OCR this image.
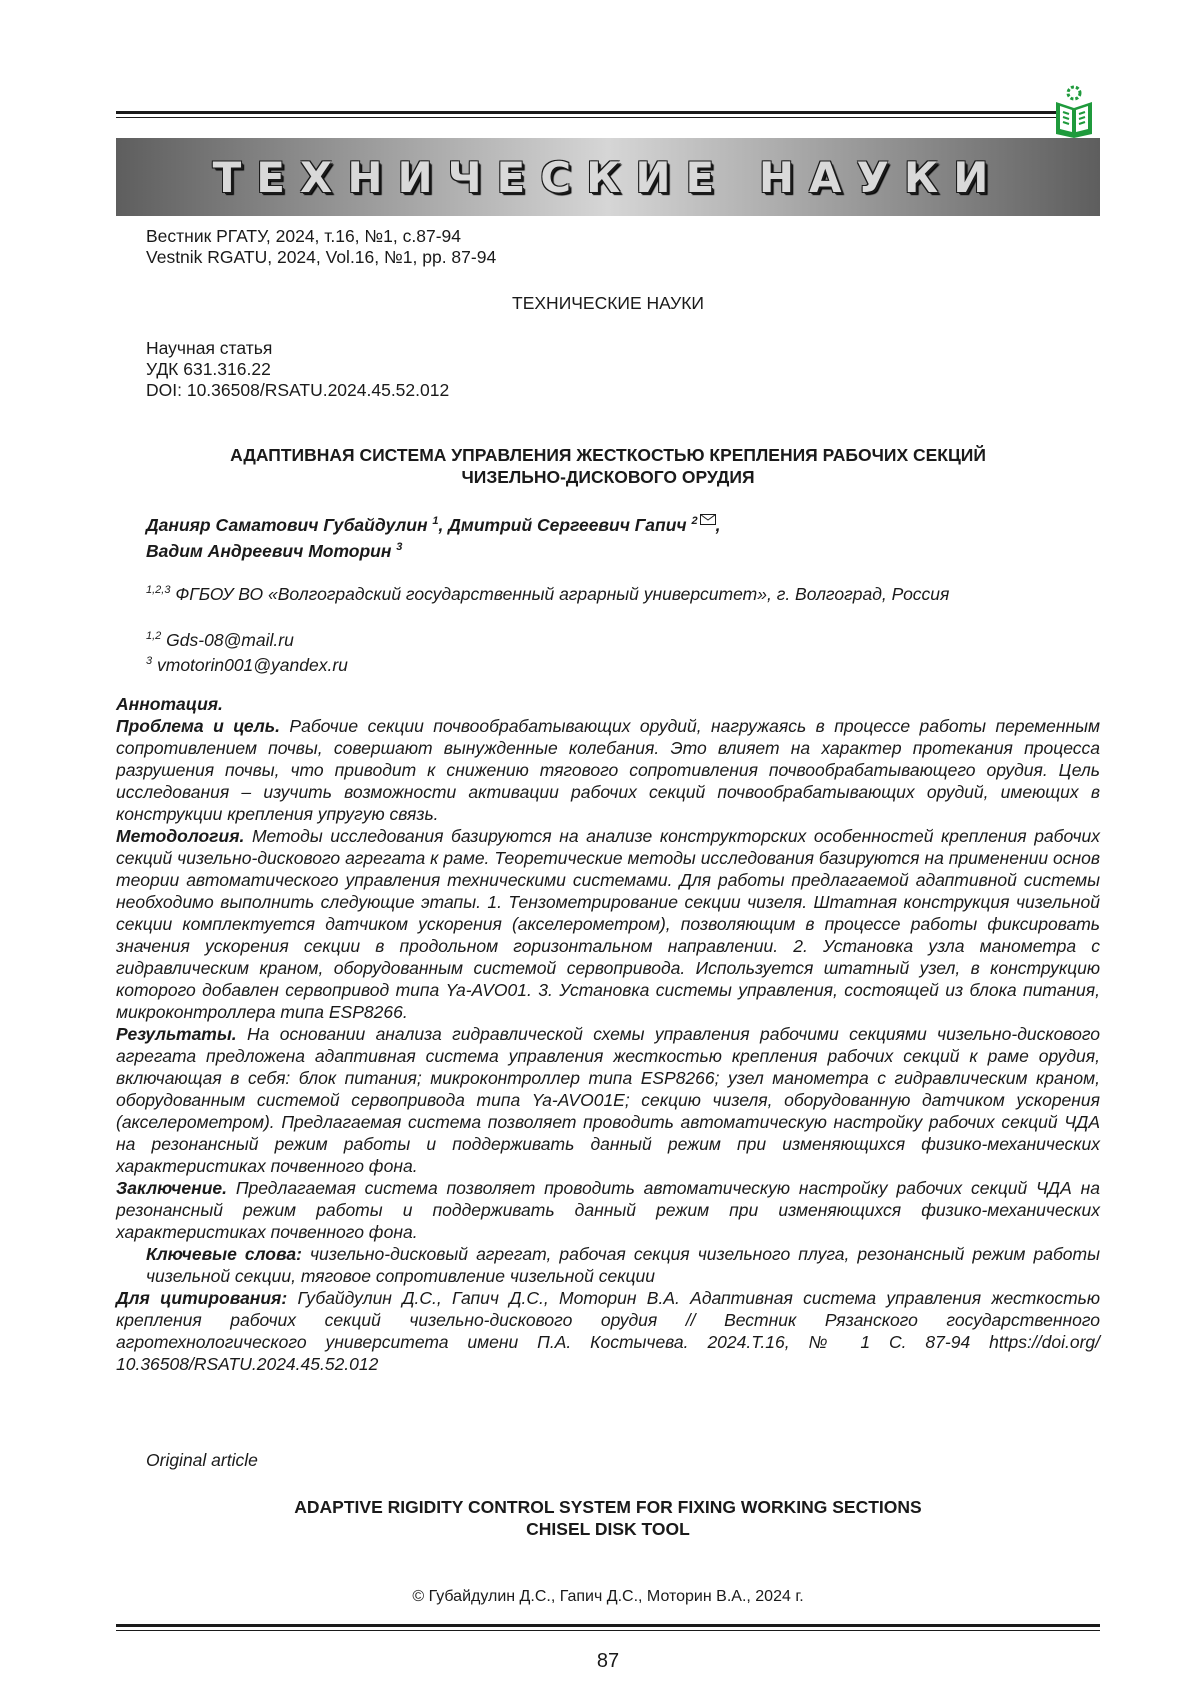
ТЕХНИЧЕСКИЕ НАУКИ
Вестник РГАТУ, 2024, т.16, №1, с.87-94
Vestnik RGATU, 2024, Vol.16, №1, pp. 87-94
ТЕХНИЧЕСКИЕ НАУКИ
Научная статья
УДК 631.316.22
DOI: 10.36508/RSATU.2024.45.52.012
АДАПТИВНАЯ СИСТЕМА УПРАВЛЕНИЯ ЖЕСТКОСТЬЮ КРЕПЛЕНИЯ РАБОЧИХ СЕКЦИЙ
ЧИЗЕЛЬНО-ДИСКОВОГО ОРУДИЯ
Данияр Саматович Губайдулин $^1$, Дмитрий Сергеевич Гапич $^2$ ,
Вадим Андреевич Моторин $^3$
$^{1,2,3}$ ФГБОУ ВО «Волгоградский государственный аграрный университет», г. Волгоград, Россия
$^{1,2}$ Gds-08@mail.ru
$^3$ vmotorin001@yandex.ru

Аннотация.

Проблема и цель. Рабочие секции почвообрабатывающих орудий, нагружаясь в процессе работы переменным сопротивлением почвы, совершают вынужденные колебания. Это влияет на характер протекания процесса разрушения почвы, что приводит к снижению тягового сопротивления почвообрабатывающего орудия. Цель исследования – изучить возможности активации рабочих секций почвообрабатывающих орудий, имеющих в конструкции крепления упругую связь.

Методология. Методы исследования базируются на анализе конструкторских особенностей крепления рабочих секций чизельно-дискового агрегата к раме. Теоретические методы исследования базируются на применении основ теории автоматического управления техническими системами. Для работы предлагаемой адаптивной системы необходимо выполнить следующие этапы. 1. Тензометрирование секции чизеля. Штатная конструкция чизельной секции комплектуется датчиком ускорения (акселерометром), позволяющим в процессе работы фиксировать значения ускорения секции в продольном горизонтальном направлении. 2. Установка узла манометра с гидравлическим краном, оборудованным системой сервопривода. Используется штатный узел, в конструкцию которого добавлен сервопривод типа Ya-AVO01. 3. Установка системы управления, состоящей из блока питания, микроконтроллера типа ESP8266.

Результаты. На основании анализа гидравлической схемы управления рабочими секциями чизельно-дискового агрегата предложена адаптивная система управления жесткостью крепления рабочих секций к раме орудия, включающая в себя: блок питания; микроконтроллер типа ESP8266; узел манометра с гидравлическим краном, оборудованным системой сервопривода типа Ya-AVO01E; секцию чизеля, оборудованную датчиком ускорения (акселерометром). Предлагаемая система позволяет проводить автоматическую настройку рабочих секций ЧДА на резонансный режим работы и поддерживать данный режим при изменяющихся физико-механических характеристиках почвенного фона.

Заключение. Предлагаемая система позволяет проводить автоматическую настройку рабочих секций ЧДА на резонансный режим работы и поддерживать данный режим при изменяющихся физико-механических характеристиках почвенного фона.

Ключевые слова: чизельно-дисковый агрегат, рабочая секция чизельного плуга, резонансный режим работы чизельной секции, тяговое сопротивление чизельной секции

Для цитирования: Губайдулин Д.С., Гапич Д.С., Моторин В.А. Адаптивная система управления жесткостью крепления рабочих секций чизельно-дискового орудия // Вестник Рязанского государственного агротехнологического университета имени П.А. Костычева. 2024.Т.16, № 1 С. 87-94 https://doi.org/ 10.36508/RSATU.2024.45.52.012

Original article
ADAPTIVE RIGIDITY CONTROL SYSTEM FOR FIXING WORKING SECTIONS
CHISEL DISK TOOL
© Губайдулин Д.С., Гапич Д.С., Моторин В.А., 2024 г.
87
